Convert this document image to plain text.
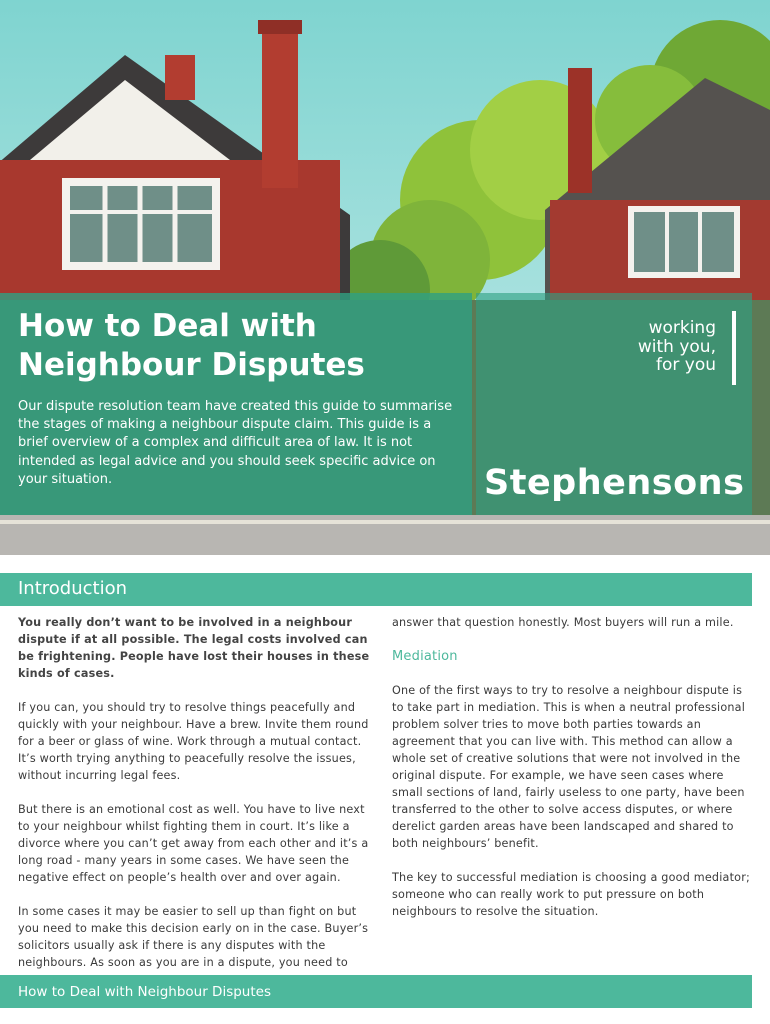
How to Deal with
Neighbour Disputes

Our dispute resolution team have created this guide to summarise the stages of making a neighbour dispute claim. This guide is a brief overview of a complex and difficult area of law. It is not intended as legal advice and you should seek specific advice on your situation.

working
with you,
for you
Stephensons
Introduction

You really don’t want to be involved in a neighbour dispute if at all possible. The legal costs involved can be frightening. People have lost their houses in these kinds of cases.

If you can, you should try to resolve things peacefully and quickly with your neighbour. Have a brew. Invite them round for a beer or glass of wine. Work through a mutual contact. It’s worth trying anything to peacefully resolve the issues, without incurring legal fees.

But there is an emotional cost as well. You have to live next to your neighbour whilst fighting them in court. It’s like a divorce where you can’t get away from each other and it’s a long road - many years in some cases. We have seen the negative effect on people’s health over and over again.

In some cases it may be easier to sell up than fight on but you need to make this decision early on in the case. Buyer’s solicitors usually ask if there is any disputes with the neighbours. As soon as you are in a dispute, you need to

answer that question honestly. Most buyers will run a mile.

Mediation

One of the first ways to try to resolve a neighbour dispute is to take part in mediation. This is when a neutral professional problem solver tries to move both parties towards an agreement that you can live with. This method can allow a whole set of creative solutions that were not involved in the original dispute. For example, we have seen cases where small sections of land, fairly useless to one party, have been transferred to the other to solve access disputes, or where derelict garden areas have been landscaped and shared to both neighbours’ benefit.

The key to successful mediation is choosing a good mediator; someone who can really work to put pressure on both neighbours to resolve the situation.

How to Deal with Neighbour Disputes
